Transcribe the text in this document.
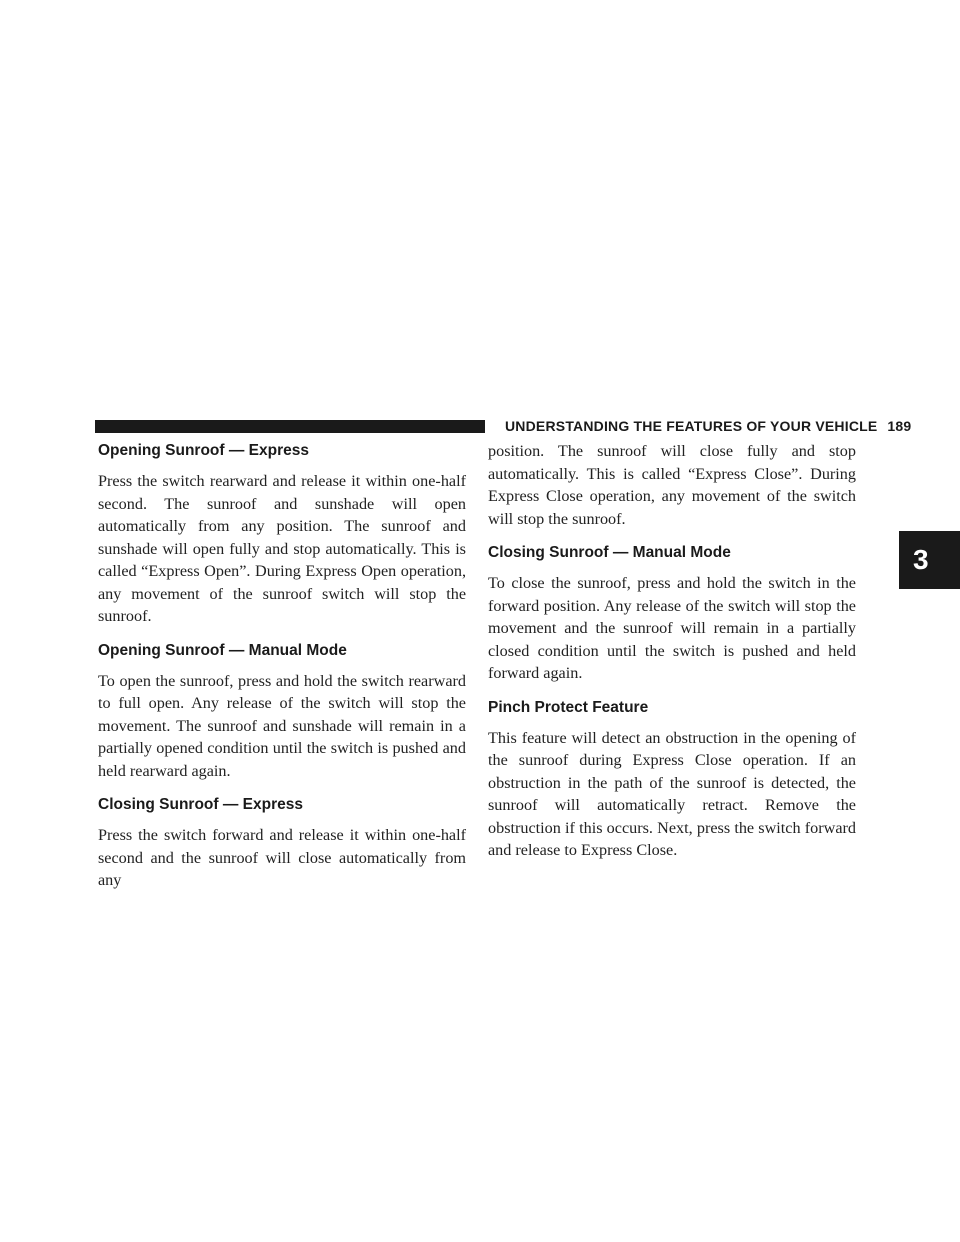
UNDERSTANDING THE FEATURES OF YOUR VEHICLE 189
3
Opening Sunroof — Express

Press the switch rearward and release it within one-half second. The sunroof and sunshade will open automatically from any position. The sunroof and sunshade will open fully and stop automatically. This is called “Express Open”. During Express Open operation, any movement of the sunroof switch will stop the sunroof.

Opening Sunroof — Manual Mode

To open the sunroof, press and hold the switch rearward to full open. Any release of the switch will stop the movement. The sunroof and sunshade will remain in a partially opened condition until the switch is pushed and held rearward again.

Closing Sunroof — Express

Press the switch forward and release it within one-half second and the sunroof will close automatically from any

position. The sunroof will close fully and stop automatically. This is called “Express Close”. During Express Close operation, any movement of the switch will stop the sunroof.

Closing Sunroof — Manual Mode

To close the sunroof, press and hold the switch in the forward position. Any release of the switch will stop the movement and the sunroof will remain in a partially closed condition until the switch is pushed and held forward again.

Pinch Protect Feature

This feature will detect an obstruction in the opening of the sunroof during Express Close operation. If an obstruction in the path of the sunroof is detected, the sunroof will automatically retract. Remove the obstruction if this occurs. Next, press the switch forward and release to Express Close.
